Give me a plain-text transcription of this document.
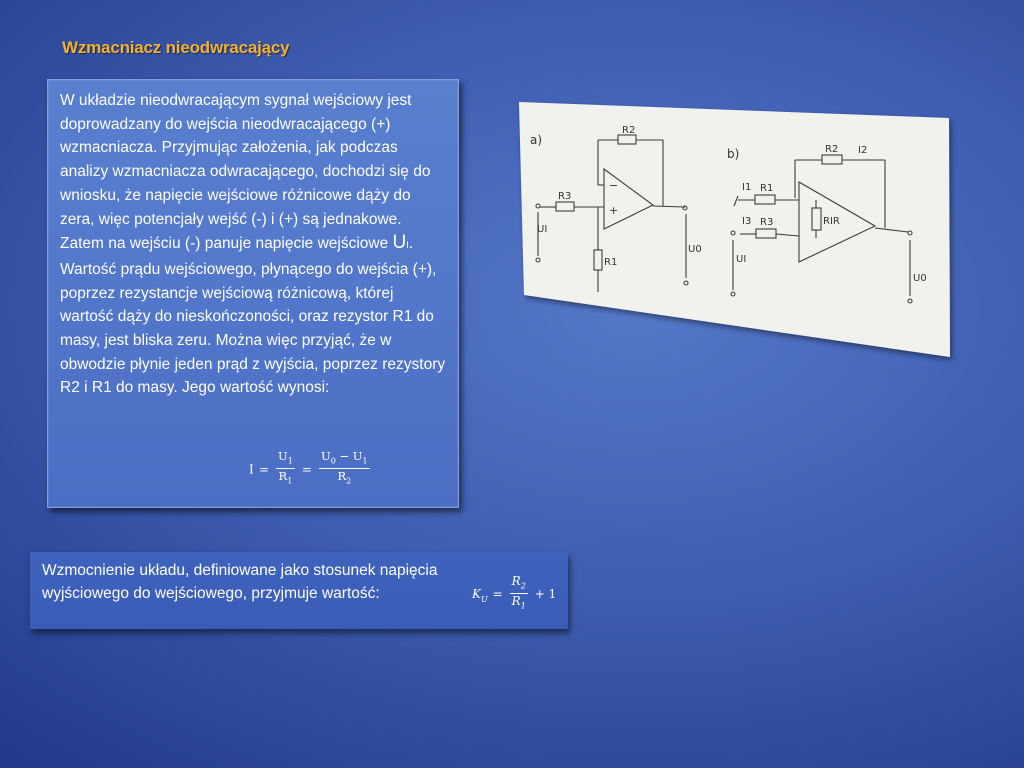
Wzmacniacz nieodwracający
W układzie nieodwracającym sygnał wejściowy jest doprowadzany do wejścia nieodwracającego (+) wzmacniacza. Przyjmując założenia, jak podczas analizy wzmacniacza odwracającego, dochodzi się do wniosku, że napięcie wejściowe różnicowe dąży do zera, więc potencjały wejść (-) i (+) są jednakowe. Zatem na wejściu (-) panuje napięcie wejściowe UI. Wartość prądu wejściowego, płynącego do wejścia (+), poprzez rezystancje wejściową różnicową, której wartość dąży do nieskończoności, oraz rezystor R1 do masy, jest bliska zeru. Można więc przyjąć, że w obwodzie płynie jeden prąd z wyjścia, poprzez rezystory R2 i R1 do masy. Jego wartość wynosi:
$I = \frac{U_1}{R_1} = \frac{U_0 - U_1}{R_2}$
Wzmocnienie układu, definiowane jako stosunek napięcia wyjściowego do wejściowego, przyjmuje wartość:	$K_U = \frac{R_2}{R_1} + 1$
a)
R2
R3
R1
−
+
UI
U0
b)	R2 I2
R1
I1
R3
I3	RIR
UI
U0
